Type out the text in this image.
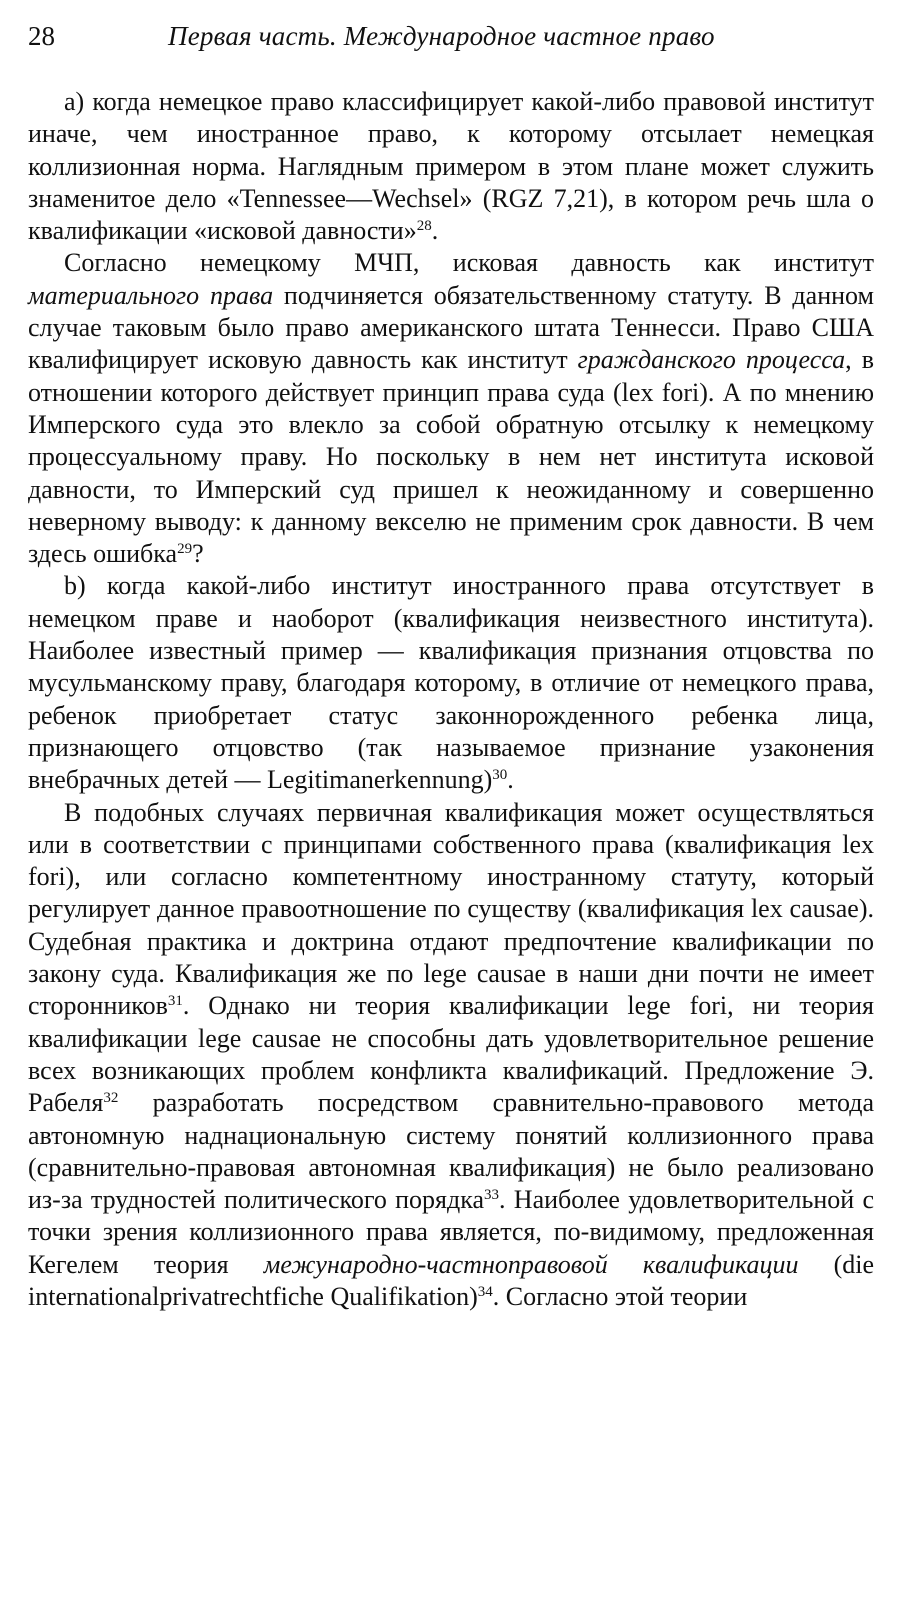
28	Первая часть. Международное частное право

а) когда немецкое право классифицирует какой-либо правовой институт иначе, чем иностранное право, к которому отсылает немецкая коллизионная норма. Наглядным примером в этом плане может служить знаменитое дело «Tennessee—Wechsel» (RGZ 7,21), в котором речь шла о квалификации «исковой давности»$^{28}$.

Согласно немецкому МЧП, исковая давность как институт материального права подчиняется обязательственному статуту. В данном случае таковым было право американского штата Теннесси. Право США квалифицирует исковую давность как институт гражданского процесса, в отношении которого действует принцип права суда (lex fori). А по мнению Имперского суда это влекло за собой обратную отсылку к немецкому процессуальному праву. Но поскольку в нем нет института исковой давности, то Имперский суд пришел к неожиданному и совершенно неверному выводу: к данному векселю не применим срок давности. В чем здесь ошибка$^{29}$?

b) когда какой-либо институт иностранного права отсутствует в немецком праве и наоборот (квалификация неизвестного института). Наиболее известный пример — квалификация признания отцовства по мусульманскому праву, благодаря которому, в отличие от немецкого права, ребенок приобретает статус законнорожденного ребенка лица, признающего отцовство (так называемое признание узаконения внебрачных детей — Legitimanerkennung)$^{30}$.

В подобных случаях первичная квалификация может осуществляться или в соответствии с принципами собственного права (квалификация lex fori), или согласно компетентному иностранному статуту, который регулирует данное правоотношение по существу (квалификация lex causae). Судебная практика и доктрина отдают предпочтение квалификации по закону суда. Квалификация же по lege causae в наши дни почти не имеет сторонников$^{31}$. Однако ни теория квалификации lege fori, ни теория квалификации lege causae не способны дать удовлетворительное решение всех возникающих проблем конфликта квалификаций. Предложение Э. Рабеля$^{32}$ разработать посредством сравнительно-правового метода автономную наднациональную систему понятий коллизионного права (сравнительно-правовая автономная квалификация) не было реализовано из-за трудностей политического порядка$^{33}$. Наиболее удовлетворительной с точки зрения коллизионного права является, по-видимому, предложенная Кегелем теория межународно-частноправовой квалификации (die internationalprivatrechtfiche Qualifikation)$^{34}$. Согласно этой теории
